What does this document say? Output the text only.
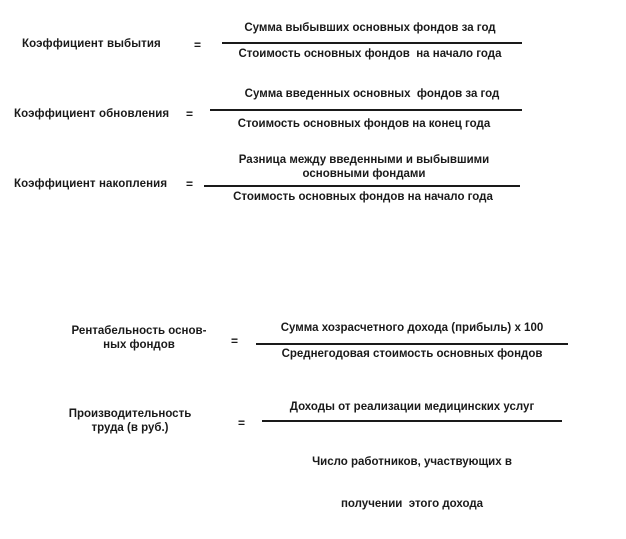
Коэффициент выбытия	=
Сумма выбывших основных фондов за год
Стоимость основных фондов  на начало года
Коэффициент обновления =
Сумма введенных основных  фондов за год
Стоимость основных фондов на конец года
Коэффициент накопления =
Разница между введенными и выбывшими
основными фондами
Стоимость основных фондов на начало года
Рентабельность основ-
ных фондов	=
Сумма хозрасчетного дохода (прибыль) x 100
Среднегодовая стоимость основных фондов
Производительность
труда (в руб.)	=
Доходы от реализации медицинских услуг

Число работников, участвующих в

получении  этого дохода
